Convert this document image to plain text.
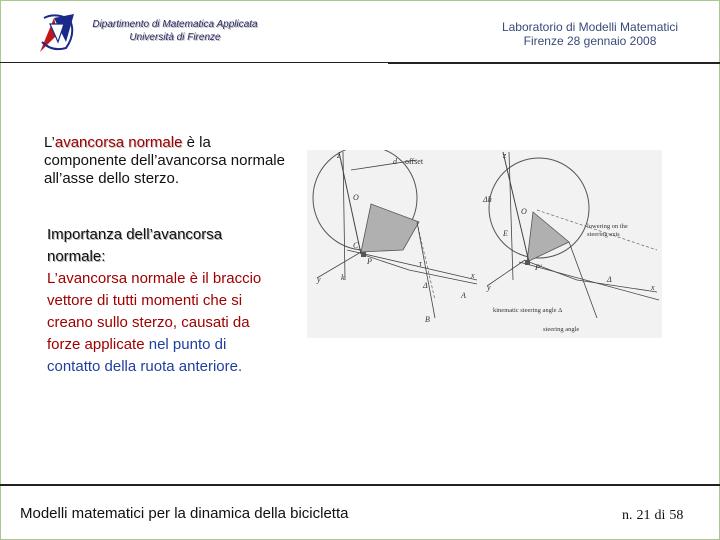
Dipartimento di Matematica Applicata
Università di Firenze
Laboratorio di Modelli Matematici
Firenze 28 gennaio 2008
L’avancorsa normale è la componente dell’avancorsa normale all’asse dello sterzo.
Importanza dell’avancorsa normale:
L’avancorsa normale è il braccio vettore di tutti momenti che si creano sullo sterzo, causati da forze applicate nel punto di contatto della ruota anteriore.
d offset
O
C
P
k
y
z
τ
Δ
A
B
x
Δh
O
E
P'
y
z
x
Δ
lowering on the
steering axis
kinematic steering angle Δ
steering angle
Modelli matematici per la dinamica della bicicletta	n. 21 di 58
